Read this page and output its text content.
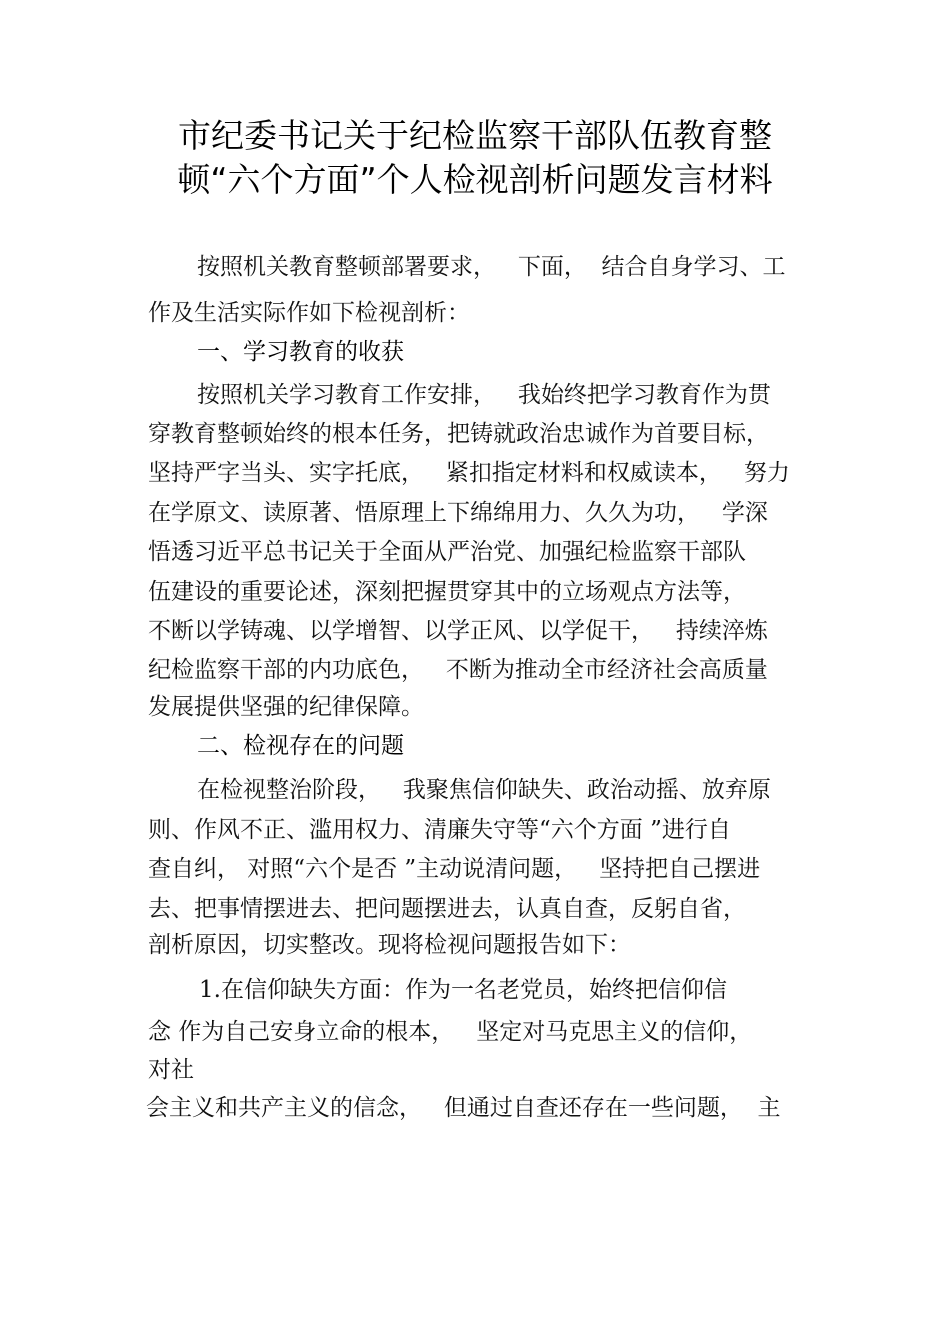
市纪委书记关于纪检监察干部队伍教育整
顿“六个方面”个人检视剖析问题发言材料
按照机关教育整顿部署要求，   下面，  结合自身学习、工
作及生活实际作如下检视剖析：
一、学习教育的收获
按照机关学习教育工作安排，   我始终把学习教育作为贯
穿教育整顿始终的根本任务，把铸就政治忠诚作为首要目标，
坚持严字当头、实字托底，   紧扣指定材料和权威读本，   努力
在学原文、读原著、悟原理上下绵绵用力、久久为功，   学深
悟透习近平总书记关于全面从严治党、加强纪检监察干部队
伍建设的重要论述，深刻把握贯穿其中的立场观点方法等，
不断以学铸魂、以学增智、以学正风、以学促干，   持续淬炼
纪检监察干部的内功底色，   不断为推动全市经济社会高质量
发展提供坚强的纪律保障。
二、检视存在的问题
在检视整治阶段，   我聚焦信仰缺失、政治动摇、放弃原
则、作风不正、滥用权力、清廉失守等“六个方面 ”进行自
查自纠， 对照“六个是否 ”主动说清问题，   坚持把自己摆进
去、把事情摆进去、把问题摆进去，认真自查，反躬自省，
剖析原因，切实整改。现将检视问题报告如下：
1.在信仰缺失方面：作为一名老党员，始终把信仰信
念 作为自己安身立命的根本，   坚定对马克思主义的信仰，
对社
会主义和共产主义的信念，   但通过自查还存在一些问题，  主
